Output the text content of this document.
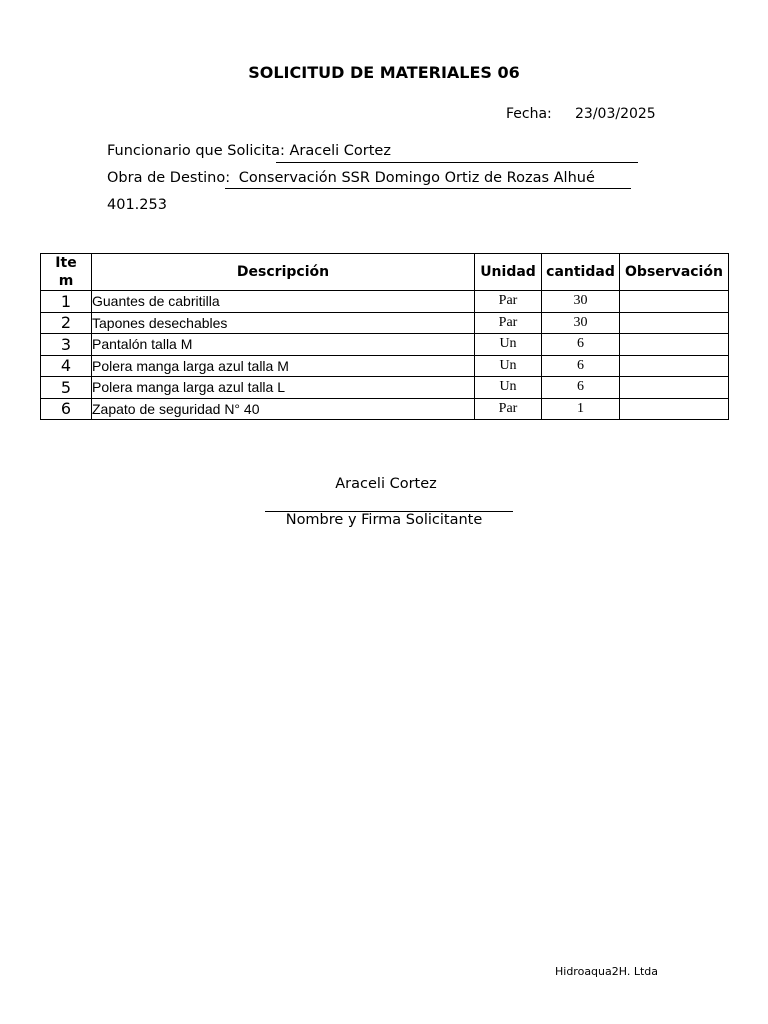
SOLICITUD DE MATERIALES 06
Fecha: 23/03/2025
Funcionario que Solicita: Araceli Cortez
Obra de Destino: Conservación SSR Domingo Ortiz de Rozas Alhué
401.253
Item	Descripción	Unidad	cantidad	Observación
1	Guantes de cabritilla	Par	30	
2	Tapones desechables	Par	30	
3	Pantalón talla M	Un	6	
4	Polera manga larga azul talla M	Un	6	
5	Polera manga larga azul talla L	Un	6	
6	Zapato de seguridad N° 40	Par	1	
Araceli Cortez
Nombre y Firma Solicitante
Hidroaqua2H. Ltda
